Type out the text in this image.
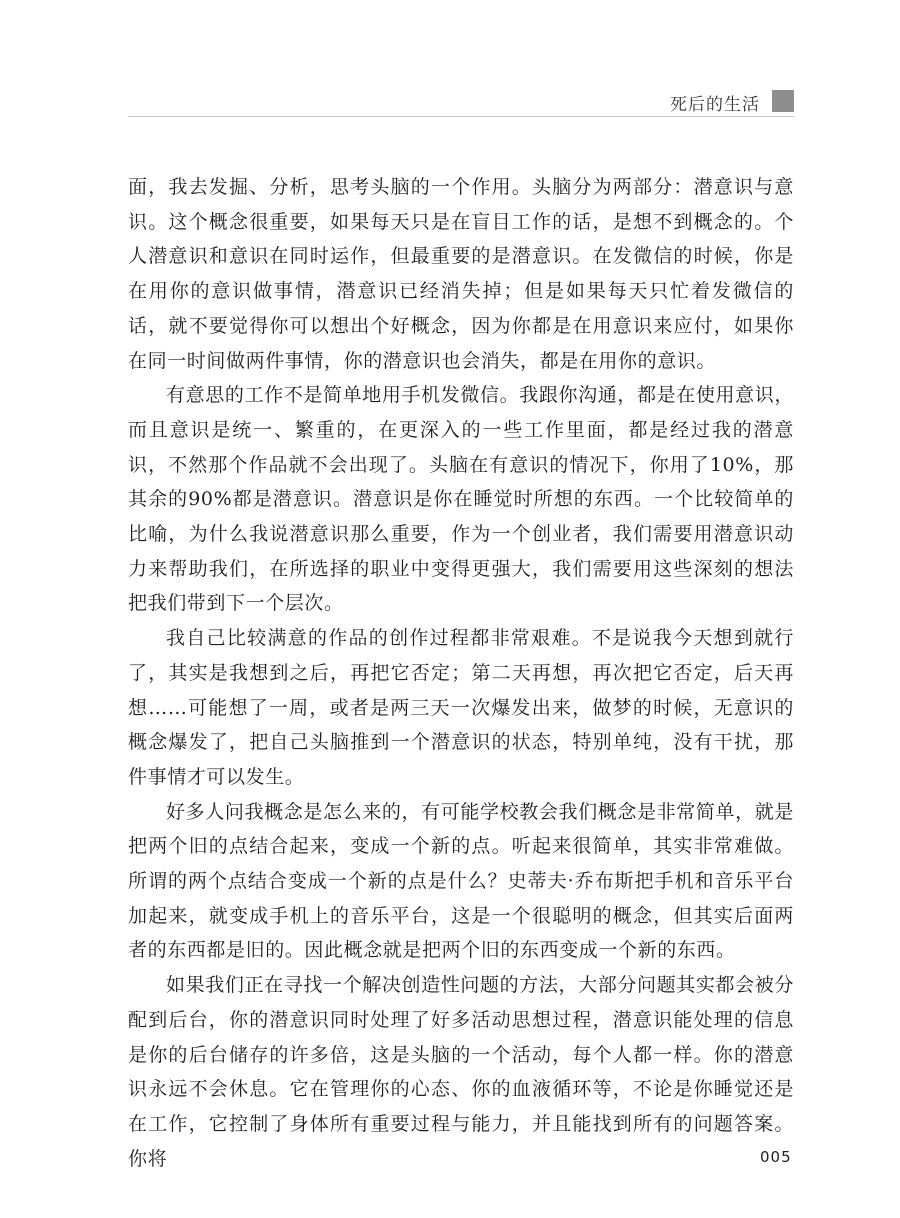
死后的生活

面，我去发掘、分析，思考头脑的一个作用。头脑分为两部分：潜意识与意识。这个概念很重要，如果每天只是在盲目工作的话，是想不到概念的。个人潜意识和意识在同时运作，但最重要的是潜意识。在发微信的时候，你是在用你的意识做事情，潜意识已经消失掉；但是如果每天只忙着发微信的话，就不要觉得你可以想出个好概念，因为你都是在用意识来应付，如果你在同一时间做两件事情，你的潜意识也会消失，都是在用你的意识。

有意思的工作不是简单地用手机发微信。我跟你沟通，都是在使用意识，而且意识是统一、繁重的，在更深入的一些工作里面，都是经过我的潜意识，不然那个作品就不会出现了。头脑在有意识的情况下，你用了10%，那其余的90%都是潜意识。潜意识是你在睡觉时所想的东西。一个比较简单的比喻，为什么我说潜意识那么重要，作为一个创业者，我们需要用潜意识动力来帮助我们，在所选择的职业中变得更强大，我们需要用这些深刻的想法把我们带到下一个层次。

我自己比较满意的作品的创作过程都非常艰难。不是说我今天想到就行了，其实是我想到之后，再把它否定；第二天再想，再次把它否定，后天再想……可能想了一周，或者是两三天一次爆发出来，做梦的时候，无意识的概念爆发了，把自己头脑推到一个潜意识的状态，特别单纯，没有干扰，那件事情才可以发生。

好多人问我概念是怎么来的，有可能学校教会我们概念是非常简单，就是把两个旧的点结合起来，变成一个新的点。听起来很简单，其实非常难做。所谓的两个点结合变成一个新的点是什么？史蒂夫·乔布斯把手机和音乐平台加起来，就变成手机上的音乐平台，这是一个很聪明的概念，但其实后面两者的东西都是旧的。因此概念就是把两个旧的东西变成一个新的东西。

如果我们正在寻找一个解决创造性问题的方法，大部分问题其实都会被分配到后台，你的潜意识同时处理了好多活动思想过程，潜意识能处理的信息是你的后台储存的许多倍，这是头脑的一个活动，每个人都一样。你的潜意识永远不会休息。它在管理你的心态、你的血液循环等，不论是你睡觉还是在工作，它控制了身体所有重要过程与能力，并且能找到所有的问题答案。你将	005
